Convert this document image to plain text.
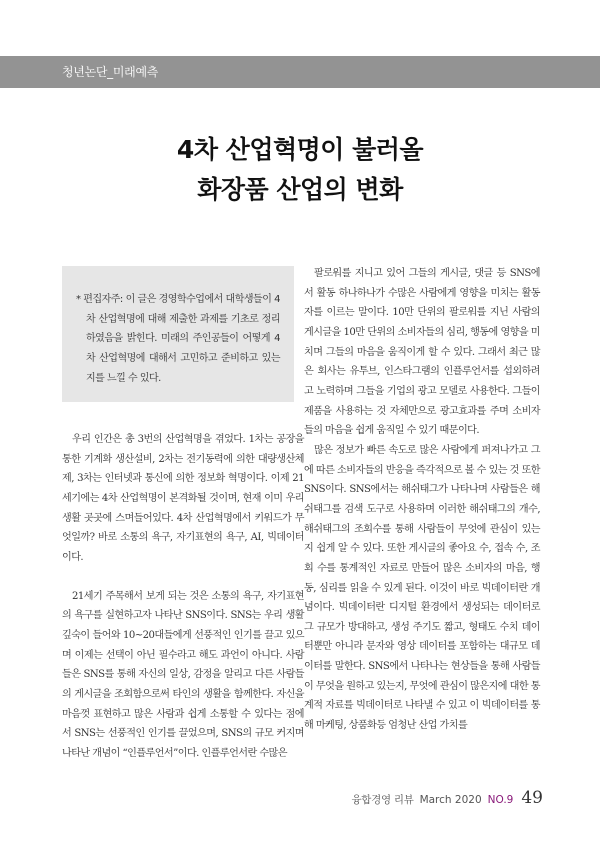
청년논단_미래예측
4차 산업혁명이 불러올
화장품 산업의 변화

* 편집자주: 이 글은 경영학수업에서 대학생들이 4차 산업혁명에 대해 제출한 과제를 기초로 정리하였음을 밝힌다. 미래의 주인공들이 어떻게 4차 산업혁명에 대해서 고민하고 준비하고 있는지를 느낄 수 있다.

우리 인간은 총 3번의 산업혁명을 겪었다. 1차는 공장을 통한 기계화 생산설비, 2차는 전기동력에 의한 대량생산체제, 3차는 인터넷과 통신에 의한 정보화 혁명이다. 이제 21세기에는 4차 산업혁명이 본격화될 것이며, 현재 이미 우리 생활 곳곳에 스며들어있다. 4차 산업혁명에서 키워드가 무엇일까? 바로 소통의 욕구, 자기표현의 욕구, AI, 빅데이터이다.

21세기 주목해서 보게 되는 것은 소통의 욕구, 자기표현의 욕구를 실현하고자 나타난 SNS이다. SNS는 우리 생활 깊숙이 들어와 10~20대들에게 선풍적인 인기를 끌고 있으며 이제는 선택이 아닌 필수라고 해도 과언이 아니다. 사람들은 SNS를 통해 자신의 일상, 감정을 알리고 다른 사람들의 게시글을 조회함으로써 타인의 생활을 함께한다. 자신을 마음껏 표현하고 많은 사람과 쉽게 소통할 수 있다는 점에서 SNS는 선풍적인 인기를 끌었으며, SNS의 규모 커지며 나타난 개념이 “인플루언서”이다. 인플루언서란 수많은

팔로워를 지니고 있어 그들의 게시글, 댓글 등 SNS에서 활동 하나하나가 수많은 사람에게 영향을 미치는 활동자를 이르는 말이다. 10만 단위의 팔로워를 지닌 사람의 게시글을 10만 단위의 소비자들의 심리, 행동에 영향을 미치며 그들의 마음을 움직이게 할 수 있다. 그래서 최근 많은 회사는 유투브, 인스타그램의 인플루언서를 섭외하려고 노력하며 그들을 기업의 광고 모델로 사용한다. 그들이 제품을 사용하는 것 자체만으로 광고효과를 주며 소비자들의 마음을 쉽게 움직일 수 있기 때문이다.

많은 정보가 빠른 속도로 많은 사람에게 퍼져나가고 그에 따른 소비자들의 반응을 즉각적으로 볼 수 있는 것 또한 SNS이다. SNS에서는 해쉬태그가 나타나며 사람들은 해쉬태그를 검색 도구로 사용하며 이러한 해쉬태그의 개수, 해쉬태그의 조회수를 통해 사람들이 무엇에 관심이 있는지 쉽게 알 수 있다. 또한 게시글의 좋아요 수, 접속 수, 조회 수를 통계적인 자료로 만들어 많은 소비자의 마음, 행동, 심리를 읽을 수 있게 된다. 이것이 바로 빅데이터란 개념이다. 빅데이터란 디지털 환경에서 생성되는 데이터로 그 규모가 방대하고, 생성 주기도 짧고, 형태도 수치 데이터뿐만 아니라 문자와 영상 데이터를 포함하는 대규모 데이터를 말한다. SNS에서 나타나는 현상들을 통해 사람들이 무엇을 원하고 있는지, 무엇에 관심이 많은지에 대한 통계적 자료를 빅데이터로 나타낼 수 있고 이 빅데이터를 통해 마케팅, 상품화등 엄청난 산업 가치를

융합경영 리뷰 March 2020 NO.9 49
